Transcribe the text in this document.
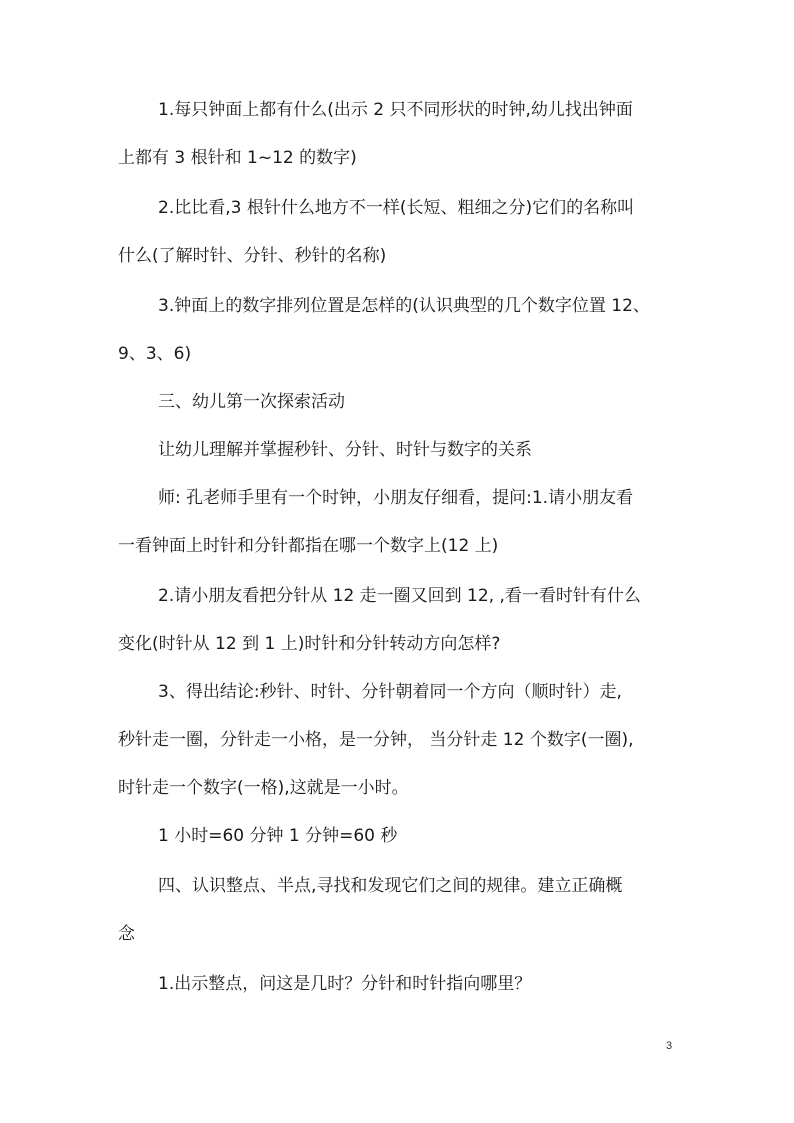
1.每只钟面上都有什么(出示 2 只不同形状的时钟,幼儿找出钟面
上都有 3 根针和 1~12 的数字)
2.比比看,3 根针什么地方不一样(长短、粗细之分)它们的名称叫
什么(了解时针、分针、秒针的名称)
3.钟面上的数字排列位置是怎样的(认识典型的几个数字位置 12、
9、3、6)
三、幼儿第一次探索活动
让幼儿理解并掌握秒针、分针、时针与数字的关系
师: 孔老师手里有一个时钟，小朋友仔细看，提问:1.请小朋友看
一看钟面上时针和分针都指在哪一个数字上(12 上)
2.请小朋友看把分针从 12 走一圈又回到 12, ,看一看时针有什么
变化(时针从 12 到 1 上)时针和分针转动方向怎样?
3、得出结论:秒针、时针、分针朝着同一个方向（顺时针）走,
秒针走一圈，分针走一小格，是一分钟， 当分针走 12 个数字(一圈),
时针走一个数字(一格),这就是一小时。
1 小时=60 分钟 1 分钟=60 秒
四、认识整点、半点,寻找和发现它们之间的规律。建立正确概
念
1.出示整点，问这是几时？分针和时针指向哪里？
3
